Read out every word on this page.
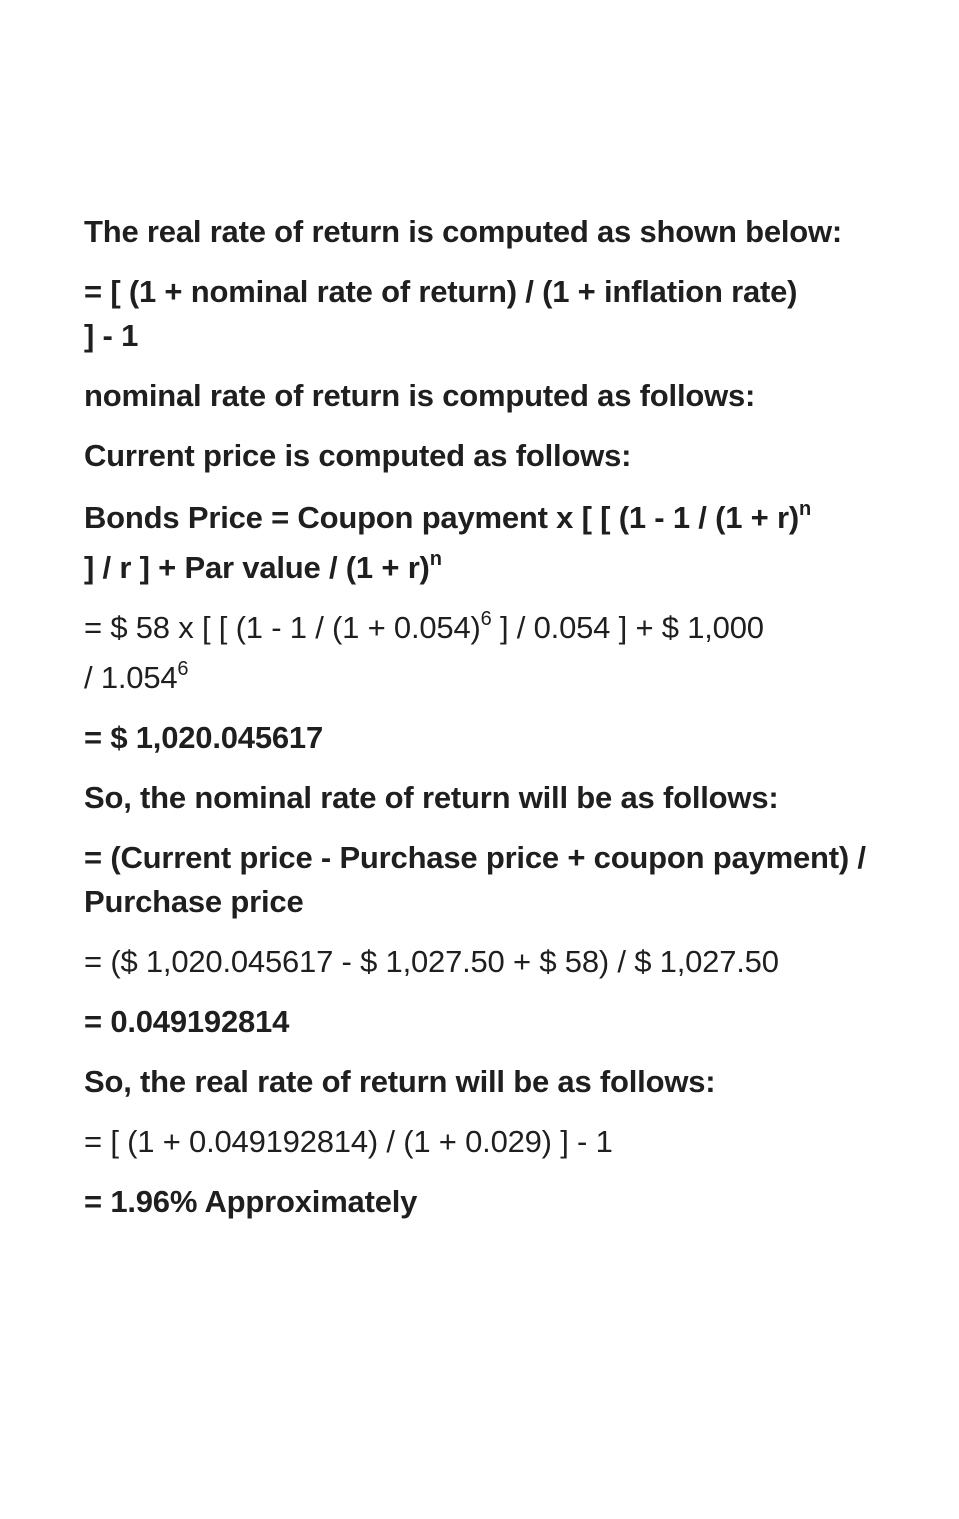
The real rate of return is computed as shown below:

= [ (1 + nominal rate of return) / (1 + inflation rate)

] - 1

nominal rate of return is computed as follows:

Current price is computed as follows:

Bonds Price = Coupon payment x [ [ ($1 - 1 / (1 + r)^n$

] / r ] + Par value / $(1 + r)^n$

= $ 58 x [ [ ($1 - 1 / (1 + 0.054)^6$ ] / 0.054 ] + $ 1,000

/ 1.054$^6$

= $ 1,020.045617

So, the nominal rate of return will be as follows:

= (Current price - Purchase price + coupon payment) / Purchase price

= ($ 1,020.045617 - $ 1,027.50 + $ 58) / $ 1,027.50

= 0.049192814

So, the real rate of return will be as follows:

= [ (1 + 0.049192814) / (1 + 0.029) ] - 1

= 1.96% Approximately
